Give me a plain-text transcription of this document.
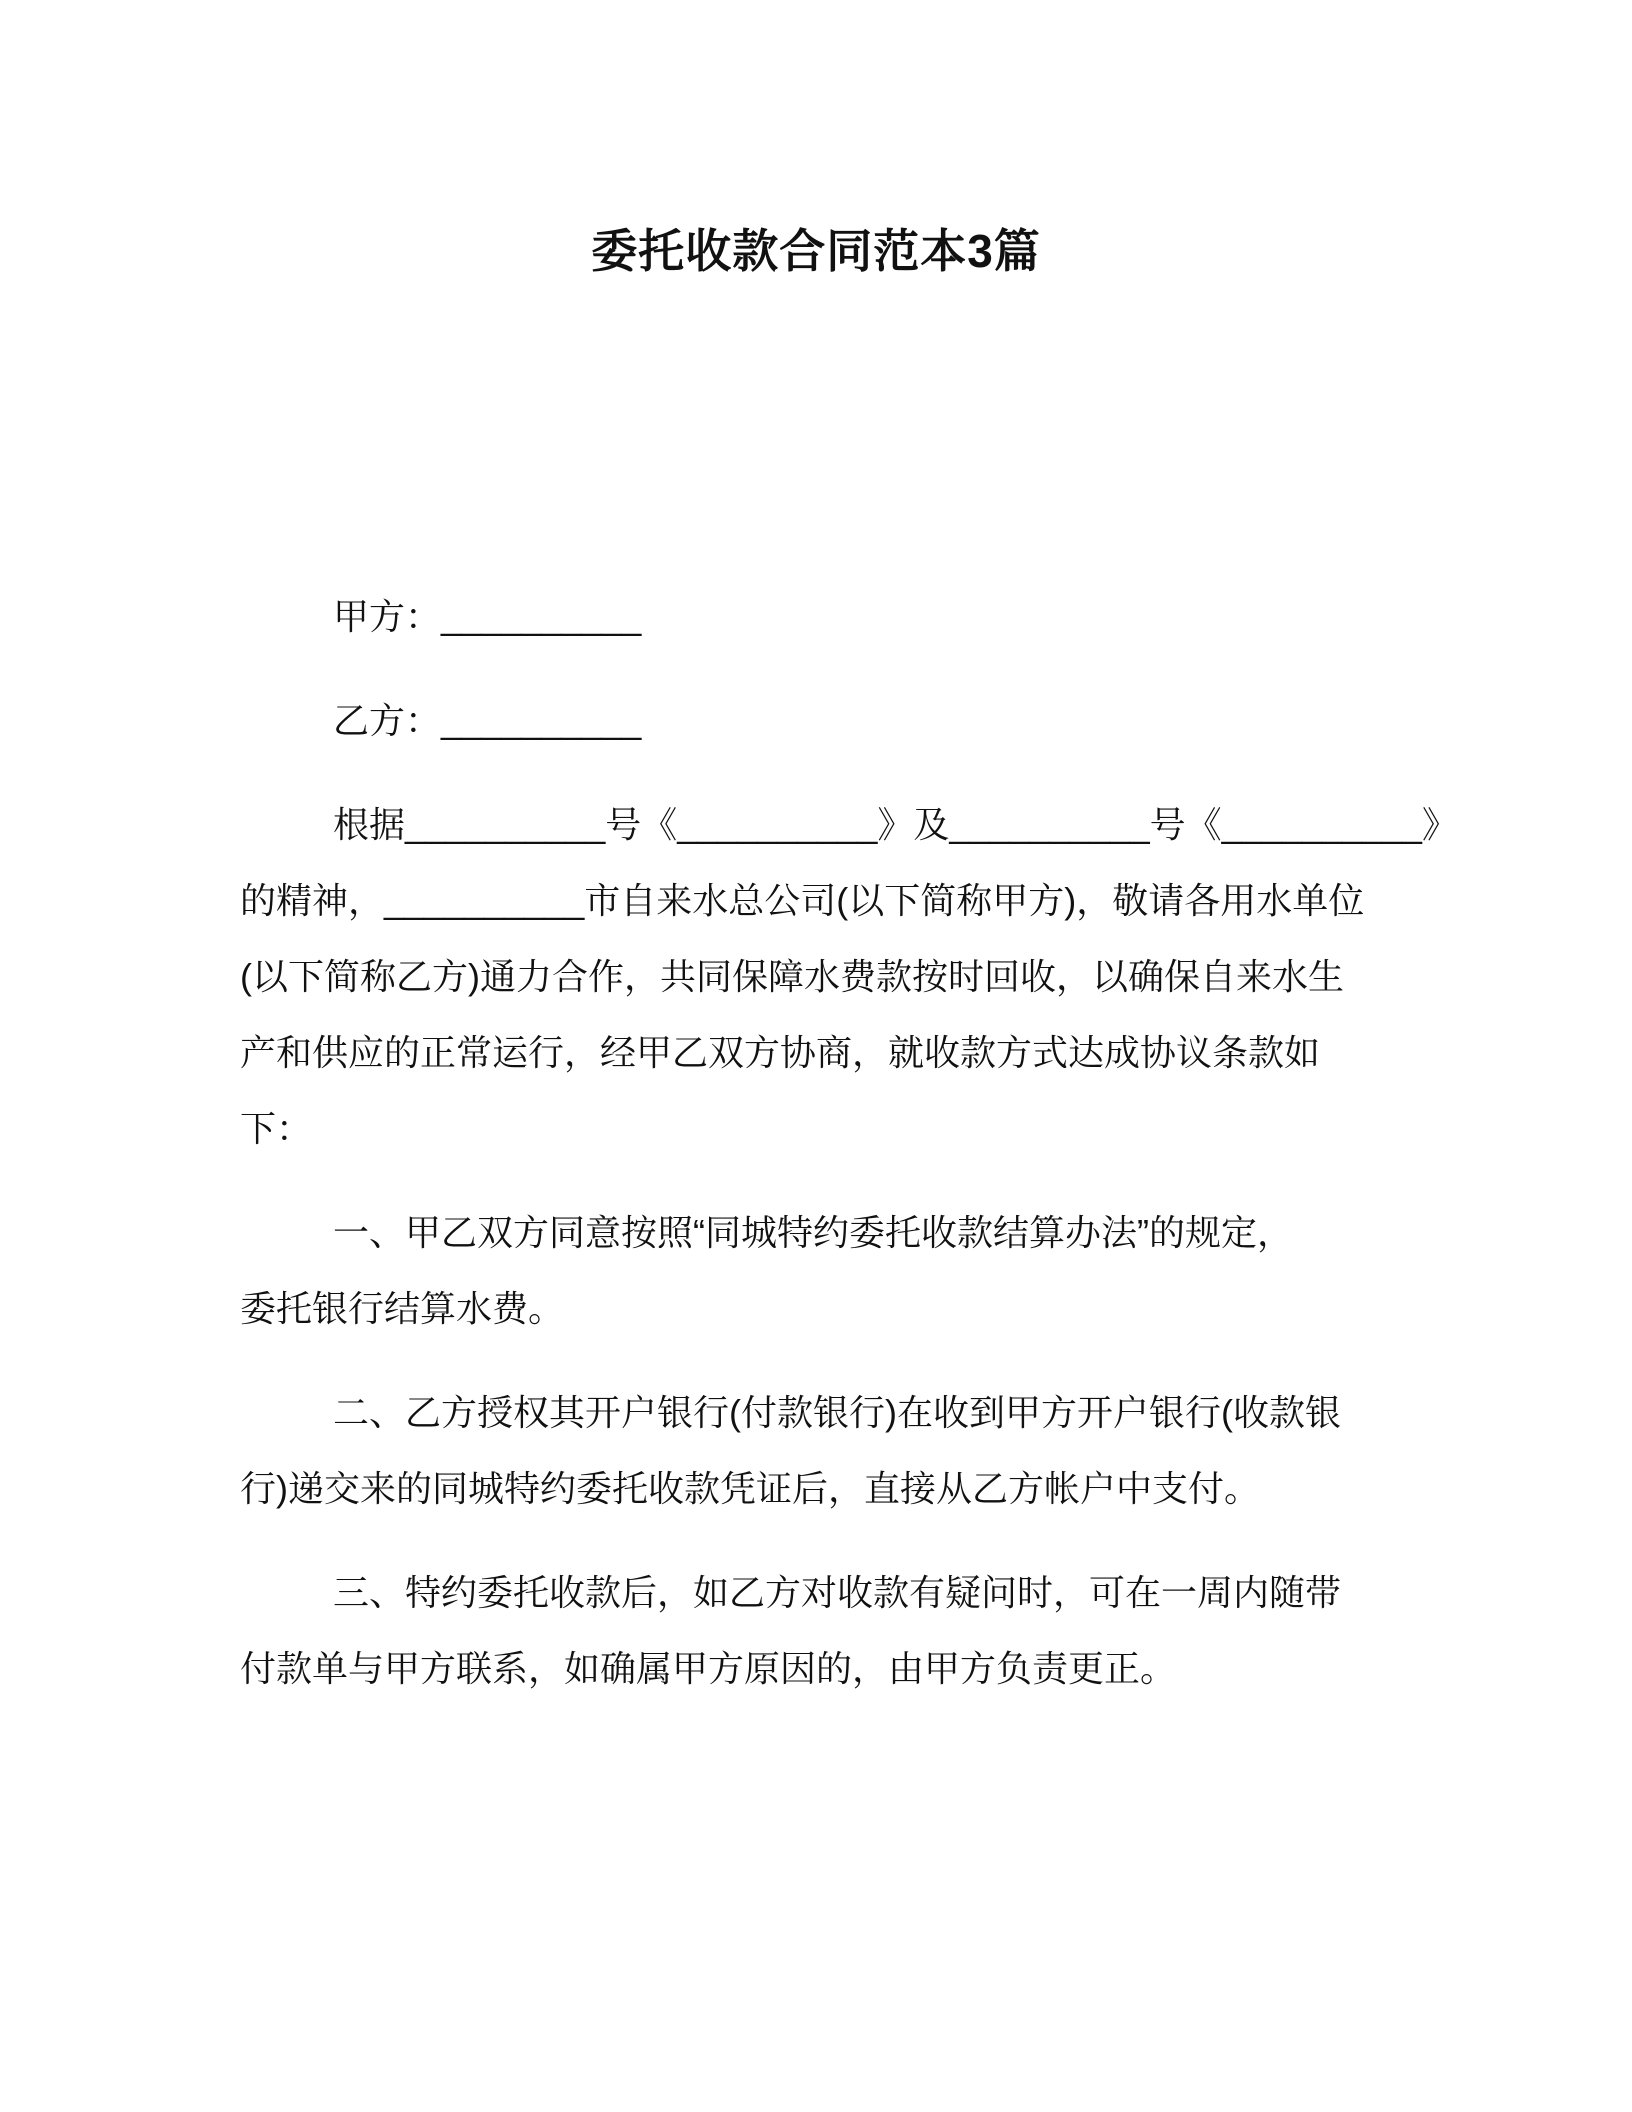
委托收款合同范本3篇
甲方：__________
乙方：__________
根据__________号《__________》及__________号《__________》
的精神，__________市自来水总公司(以下简称甲方)，敬请各用水单位
(以下简称乙方)通力合作，共同保障水费款按时回收，以确保自来水生
产和供应的正常运行，经甲乙双方协商，就收款方式达成协议条款如
下：
一、甲乙双方同意按照“同城特约委托收款结算办法”的规定，
委托银行结算水费。
二、乙方授权其开户银行(付款银行)在收到甲方开户银行(收款银
行)递交来的同城特约委托收款凭证后，直接从乙方帐户中支付。
三、特约委托收款后，如乙方对收款有疑问时，可在一周内随带
付款单与甲方联系，如确属甲方原因的，由甲方负责更正。
